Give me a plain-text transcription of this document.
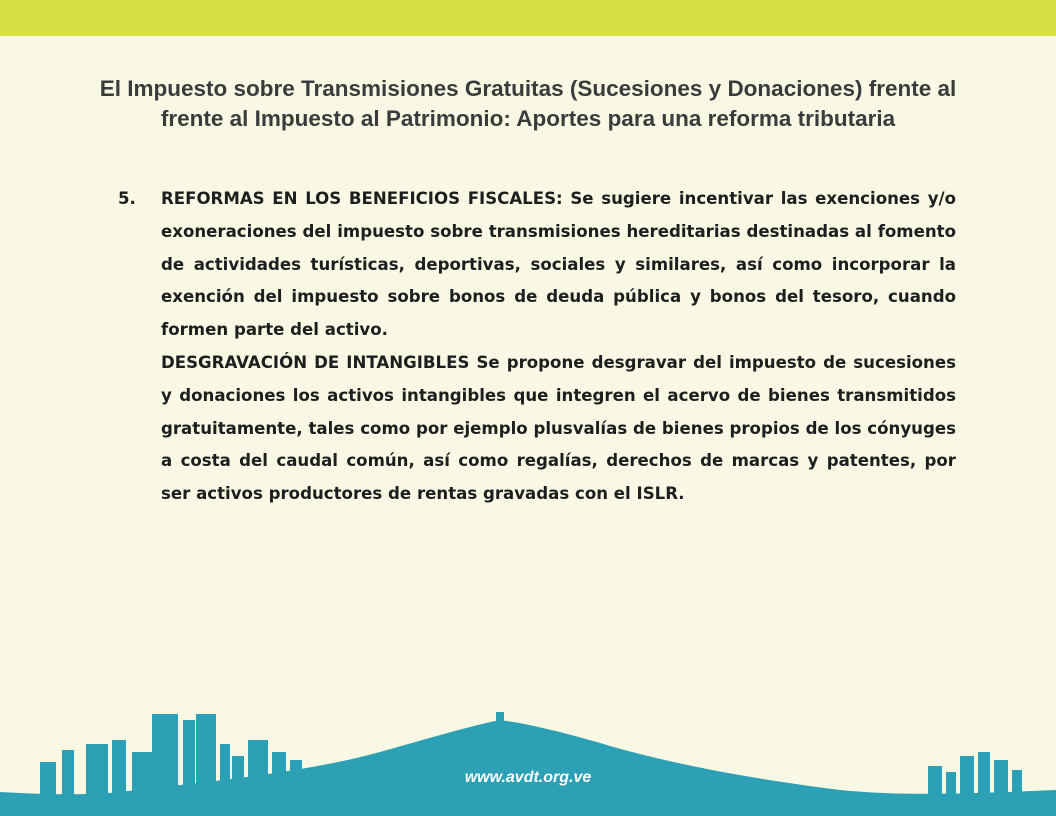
El Impuesto sobre Transmisiones Gratuitas (Sucesiones y Donaciones) frente al frente al Impuesto al Patrimonio: Aportes para una reforma tributaria
5.	REFORMAS EN LOS BENEFICIOS FISCALES: Se sugiere incentivar las exenciones y/o exoneraciones del impuesto sobre transmisiones hereditarias destinadas al fomento de actividades turísticas, deportivas, sociales y similares, así como incorporar la exención del impuesto sobre bonos de deuda pública y bonos del tesoro, cuando formen parte del activo.

DESGRAVACIÓN DE INTANGIBLES Se propone desgravar del impuesto de sucesiones y donaciones los activos intangibles que integren el acervo de bienes transmitidos gratuitamente, tales como por ejemplo plusvalías de bienes propios de los cónyuges a costa del caudal común, así como regalías, derechos de marcas y patentes, por ser activos productores de rentas gravadas con el ISLR.

www.avdt.org.ve
